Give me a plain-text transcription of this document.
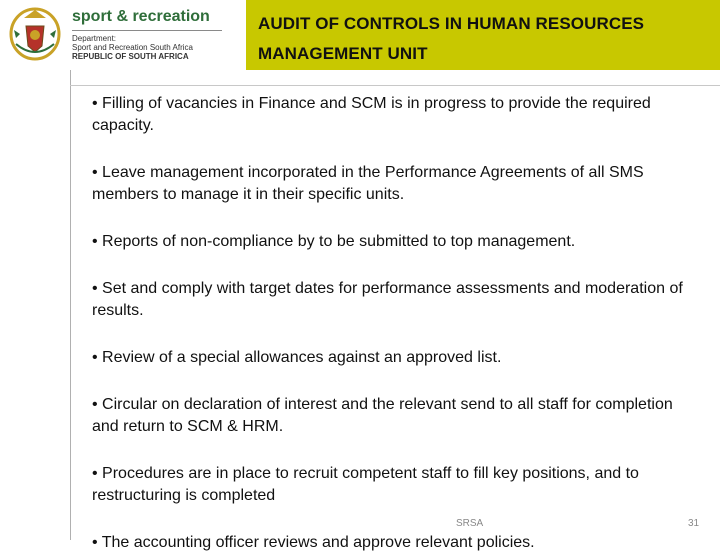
sport & recreation
Department:
Sport and Recreation South Africa
REPUBLIC OF SOUTH AFRICA
AUDIT OF CONTROLS IN HUMAN RESOURCES
MANAGEMENT UNIT

• Filling of vacancies in Finance and SCM is in progress to provide the required capacity.

• Leave management incorporated in the Performance Agreements of all SMS members to manage it in their specific units.

• Reports of non-compliance by to be submitted to top management.

• Set and comply with target dates for performance assessments and moderation of results.

• Review of a special allowances against an approved list.

• Circular on declaration of interest and the relevant send to all staff for completion and return to SCM & HRM.

• Procedures are in place to recruit competent staff to fill key positions, and to restructuring is completed

• The accounting officer reviews and approve relevant policies.

SRSA	31
